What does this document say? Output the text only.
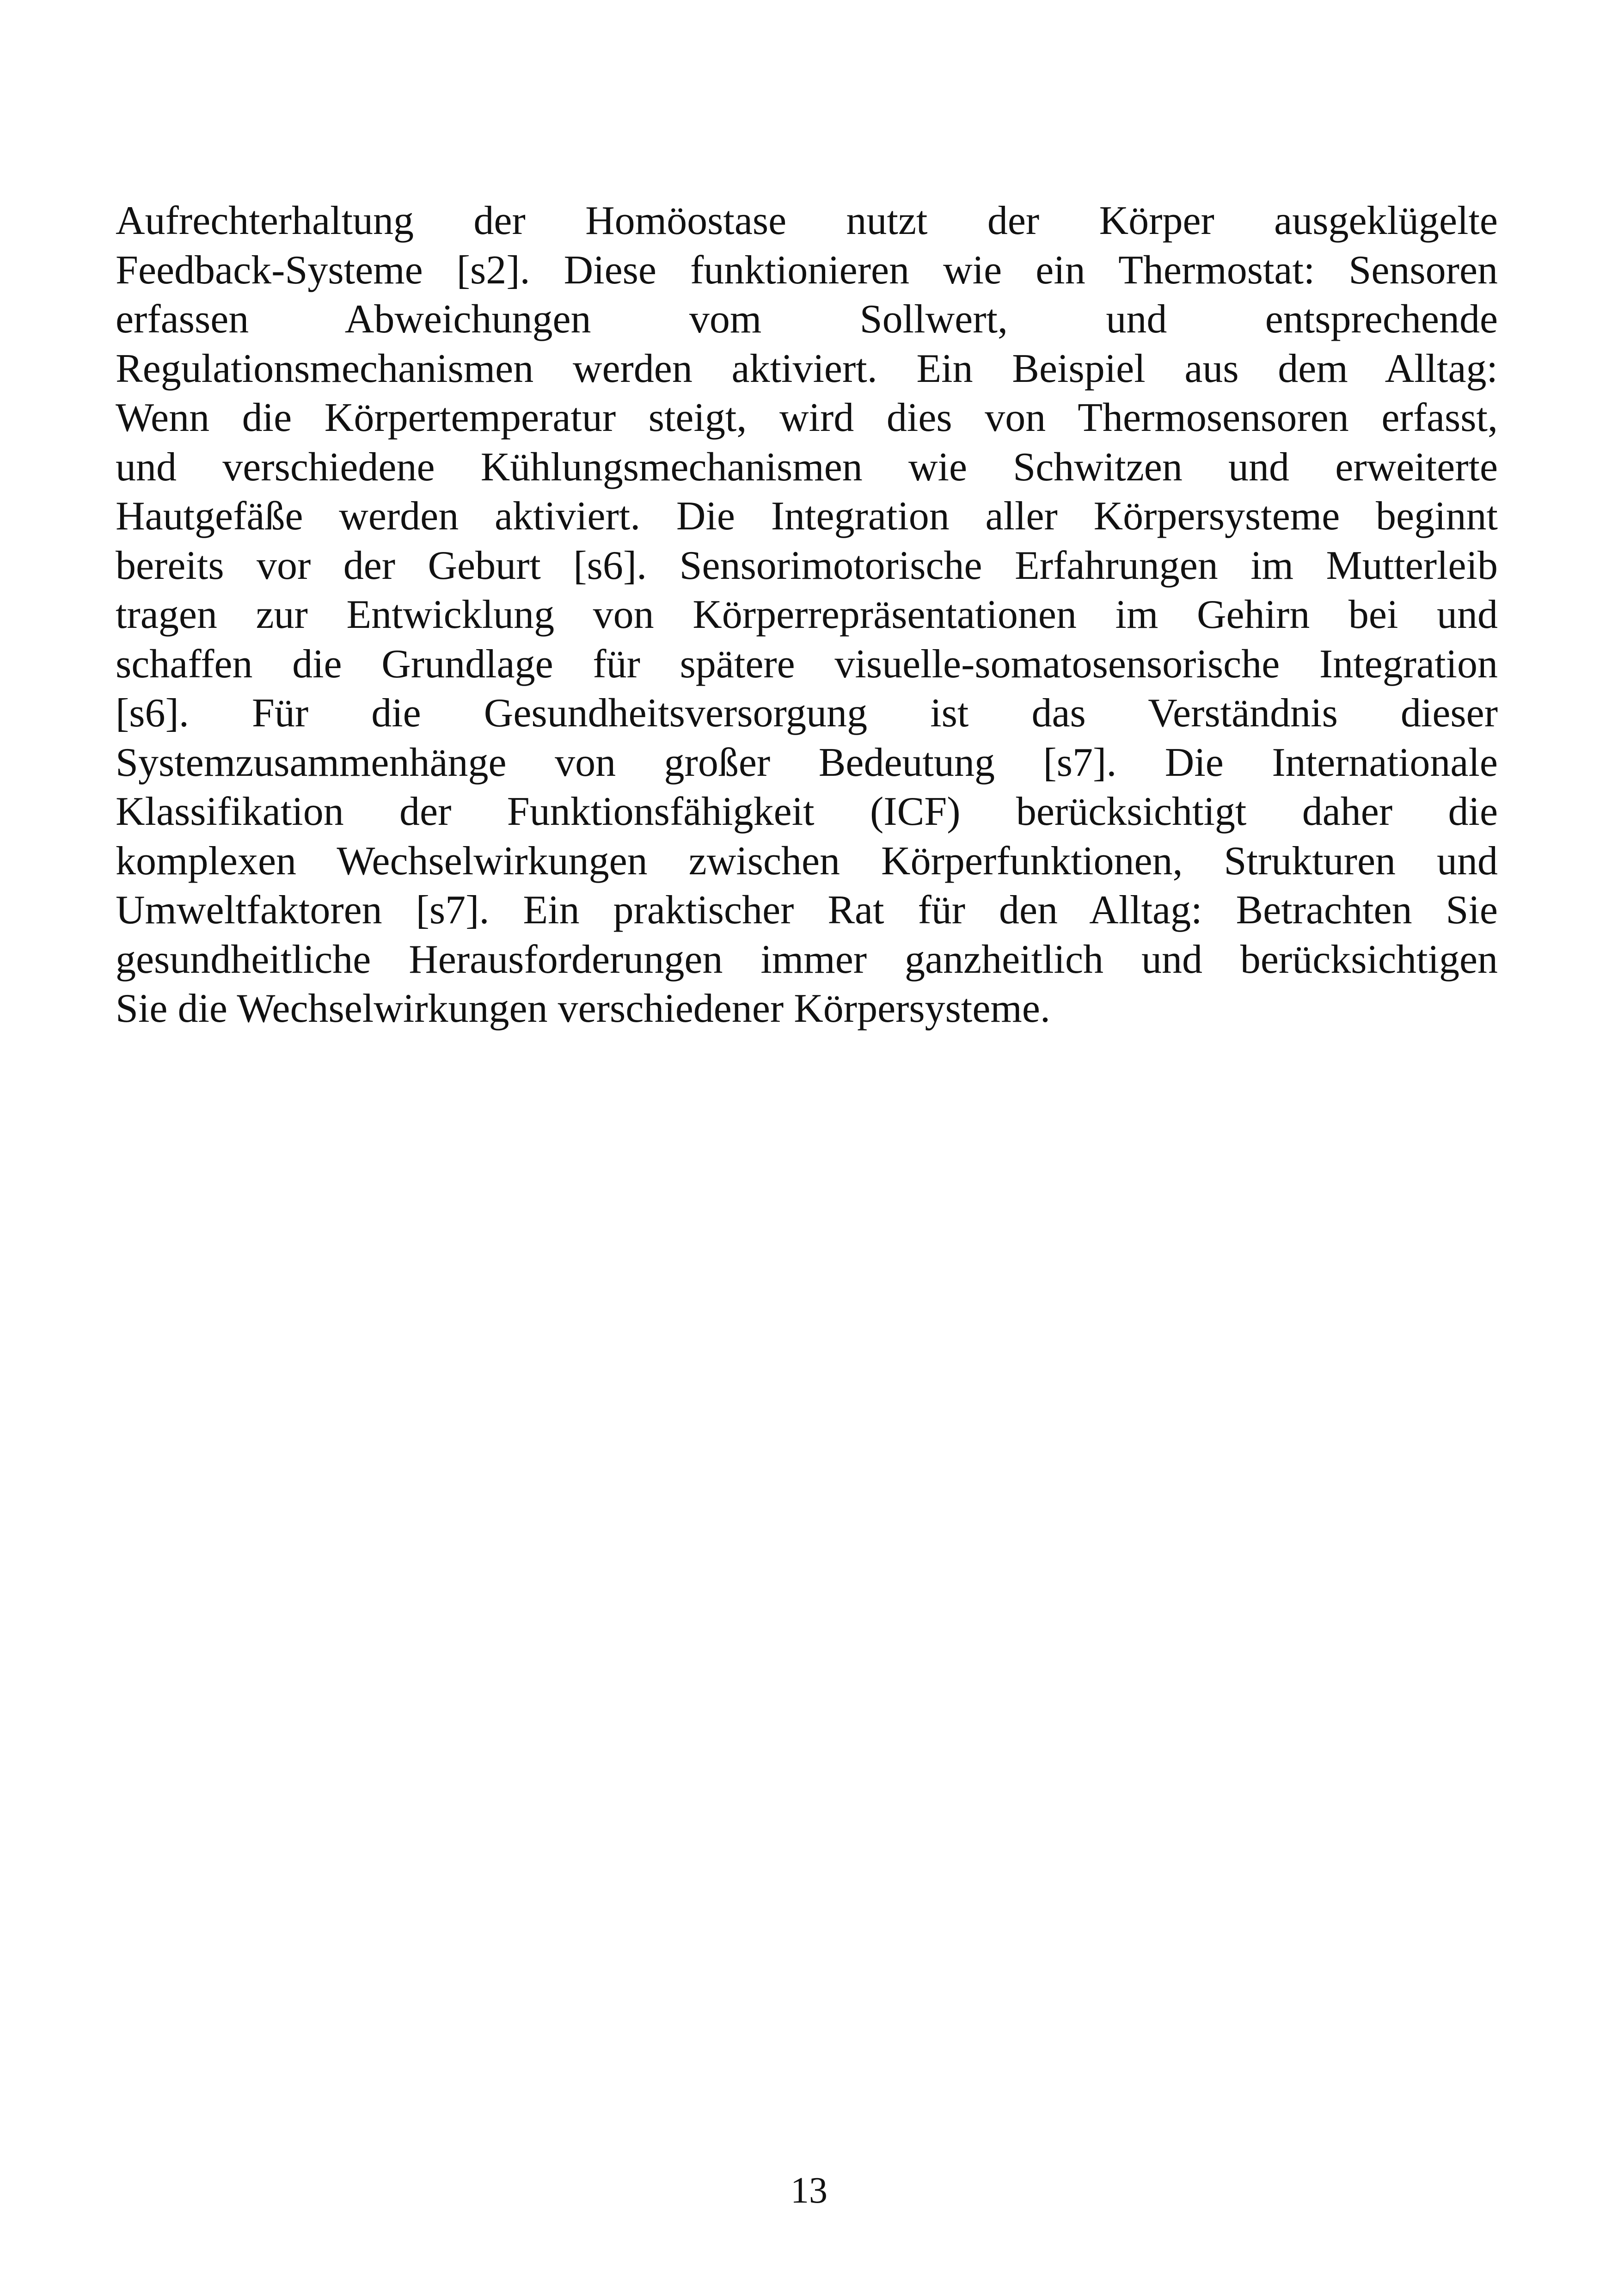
Aufrechterhaltung der Homöostase nutzt der Körper ausgeklügelte
Feedback-Systeme [s2]. Diese funktionieren wie ein Thermostat: Sensoren
erfassen Abweichungen vom Sollwert, und entsprechende
Regulationsmechanismen werden aktiviert. Ein Beispiel aus dem Alltag:
Wenn die Körpertemperatur steigt, wird dies von Thermosensoren erfasst,
und verschiedene Kühlungsmechanismen wie Schwitzen und erweiterte
Hautgefäße werden aktiviert. Die Integration aller Körpersysteme beginnt
bereits vor der Geburt [s6]. Sensorimotorische Erfahrungen im Mutterleib
tragen zur Entwicklung von Körperrepräsentationen im Gehirn bei und
schaffen die Grundlage für spätere visuelle-somatosensorische Integration
[s6]. Für die Gesundheitsversorgung ist das Verständnis dieser
Systemzusammenhänge von großer Bedeutung [s7]. Die Internationale
Klassifikation der Funktionsfähigkeit (ICF) berücksichtigt daher die
komplexen Wechselwirkungen zwischen Körperfunktionen, Strukturen und
Umweltfaktoren [s7]. Ein praktischer Rat für den Alltag: Betrachten Sie
gesundheitliche Herausforderungen immer ganzheitlich und berücksichtigen
Sie die Wechselwirkungen verschiedener Körpersysteme.
13
